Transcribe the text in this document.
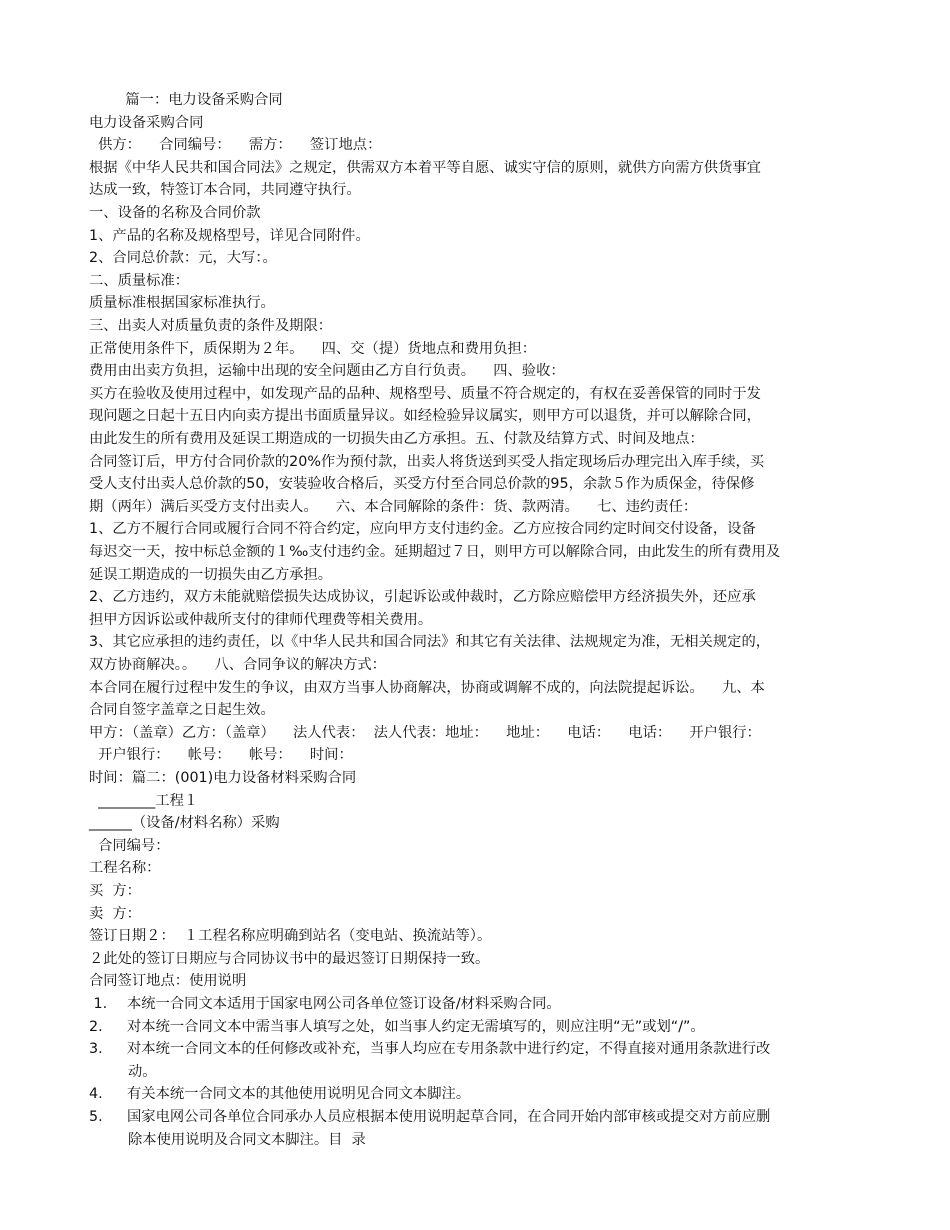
篇一：电力设备采购合同
电力设备采购合同
供方：    合同编号：    需方：    签订地点：
根据《中华人民共和国合同法》之规定，供需双方本着平等自愿、诚实守信的原则，就供方向需方供货事宜
达成一致，特签订本合同，共同遵守执行。
一、设备的名称及合同价款
1、产品的名称及规格型号，详见合同附件。
2、合同总价款：元，大写：。
二、质量标准：
质量标准根据国家标准执行。
三、出卖人对质量负责的条件及期限：
正常使用条件下，质保期为２年。    四、交（提）货地点和费用负担：
费用由出卖方负担，运输中出现的安全问题由乙方自行负责。    四、验收：
买方在验收及使用过程中，如发现产品的品种、规格型号、质量不符合规定的，有权在妥善保管的同时于发
现问题之日起十五日内向卖方提出书面质量异议。如经检验异议属实，则甲方可以退货，并可以解除合同，
由此发生的所有费用及延误工期造成的一切损失由乙方承担。五、付款及结算方式、时间及地点：
合同签订后，甲方付合同价款的20%作为预付款，出卖人将货送到买受人指定现场后办理完出入库手续，买
受人支付出卖人总价款的50，安装验收合格后，买受方付至合同总价款的95，余款５作为质保金，待保修
期（两年）满后买受方支付出卖人。    六、本合同解除的条件：货、款两清。    七、违约责任：
1、乙方不履行合同或履行合同不符合约定，应向甲方支付违约金。乙方应按合同约定时间交付设备，设备
每迟交一天，按中标总金额的１‰支付违约金。延期超过７日，则甲方可以解除合同，由此发生的所有费用及
延误工期造成的一切损失由乙方承担。
2、乙方违约，双方未能就赔偿损失达成协议，引起诉讼或仲裁时，乙方除应赔偿甲方经济损失外，还应承
担甲方因诉讼或仲裁所支付的律师代理费等相关费用。
3、其它应承担的违约责任，以《中华人民共和国合同法》和其它有关法律、法规规定为准，无相关规定的，
双方协商解决。。    八、合同争议的解决方式：
本合同在履行过程中发生的争议，由双方当事人协商解决，协商或调解不成的，向法院提起诉讼。    九、本
合同自签字盖章之日起生效。
甲方：（盖章）乙方：（盖章）    法人代表：  法人代表：地址：    地址：    电话：    电话：    开户银行：
开户银行：    帐号：    帐号：    时间：
时间：篇二：(001)电力设备材料采购合同
________工程１
______（设备/材料名称）采购
合同编号：
工程名称：
买  方：
卖  方：
签订日期２：  １工程名称应明确到站名（变电站、换流站等）。
２此处的签订日期应与合同协议书中的最迟签订日期保持一致。
合同签订地点：使用说明
1. 本统一合同文本适用于国家电网公司各单位签订设备/材料采购合同。
2. 对本统一合同文本中需当事人填写之处，如当事人约定无需填写的，则应注明“无”或划“/”。
3. 对本统一合同文本的任何修改或补充，当事人均应在专用条款中进行约定，不得直接对通用条款进行改
动。
4. 有关本统一合同文本的其他使用说明见合同文本脚注。
5. 国家电网公司各单位合同承办人员应根据本使用说明起草合同，在合同开始内部审核或提交对方前应删
除本使用说明及合同文本脚注。目  录
